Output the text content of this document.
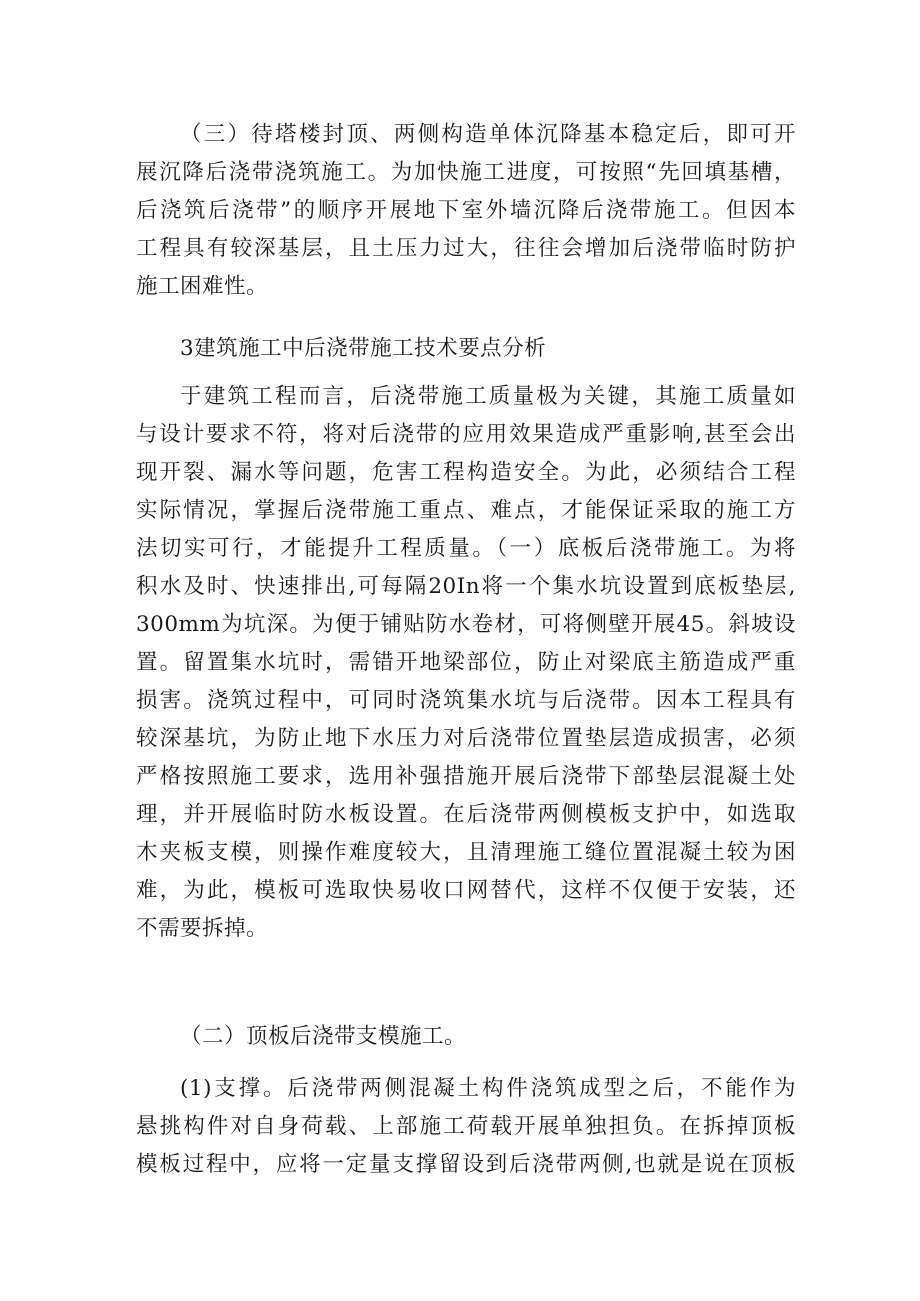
（三）待塔楼封顶、两侧构造单体沉降基本稳定后，即可开
展沉降后浇带浇筑施工。为加快施工进度，可按照“先回填基槽，
后浇筑后浇带”的顺序开展地下室外墙沉降后浇带施工。但因本
工程具有较深基层，且土压力过大，往往会增加后浇带临时防护
施工困难性。
3建筑施工中后浇带施工技术要点分析
于建筑工程而言，后浇带施工质量极为关键，其施工质量如
与设计要求不符，将对后浇带的应用效果造成严重影响,甚至会出
现开裂、漏水等问题，危害工程构造安全。为此，必须结合工程
实际情况，掌握后浇带施工重点、难点，才能保证采取的施工方
法切实可行，才能提升工程质量。（一）底板后浇带施工。为将
积水及时、快速排出,可每隔20In将一个集水坑设置到底板垫层,
300mm为坑深。为便于铺贴防水卷材，可将侧壁开展45。斜坡设
置。留置集水坑时，需错开地梁部位，防止对梁底主筋造成严重
损害。浇筑过程中，可同时浇筑集水坑与后浇带。因本工程具有
较深基坑，为防止地下水压力对后浇带位置垫层造成损害，必须
严格按照施工要求，选用补强措施开展后浇带下部垫层混凝土处
理，并开展临时防水板设置。在后浇带两侧模板支护中，如选取
木夹板支模，则操作难度较大，且清理施工缝位置混凝土较为困
难，为此，模板可选取快易收口网替代，这样不仅便于安装，还
不需要拆掉。
（二）顶板后浇带支模施工。
(1)支撑。后浇带两侧混凝土构件浇筑成型之后，不能作为
悬挑构件对自身荷载、上部施工荷载开展单独担负。在拆掉顶板
模板过程中，应将一定量支撑留设到后浇带两侧,也就是说在顶板
